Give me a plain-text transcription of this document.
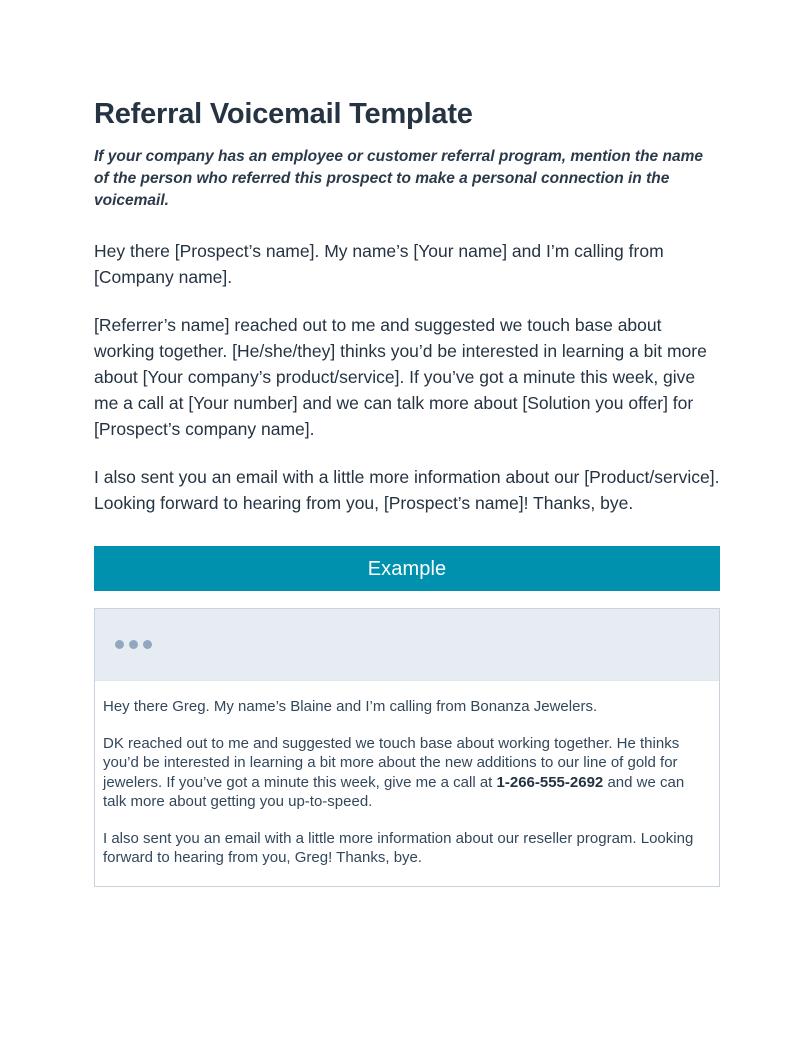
Referral Voicemail Template

If your company has an employee or customer referral program, mention the name of the person who referred this prospect to make a personal connection in the voicemail.

Hey there [Prospect’s name]. My name’s [Your name] and I’m calling from [Company name].

[Referrer’s name] reached out to me and suggested we touch base about working together. [He/she/they] thinks you’d be interested in learning a bit more about [Your company’s product/service]. If you’ve got a minute this week, give me a call at [Your number] and we can talk more about [Solution you offer] for [Prospect’s company name].

I also sent you an email with a little more information about our [Product/service]. Looking forward to hearing from you, [Prospect’s name]! Thanks, bye.

Example

Hey there Greg. My name’s Blaine and I’m calling from Bonanza Jewelers.

DK reached out to me and suggested we touch base about working together. He thinks you’d be interested in learning a bit more about the new additions to our line of gold for jewelers. If you’ve got a minute this week, give me a call at 1-266-555-2692 and we can talk more about getting you up-to-speed.

I also sent you an email with a little more information about our reseller program. Looking forward to hearing from you, Greg! Thanks, bye.
